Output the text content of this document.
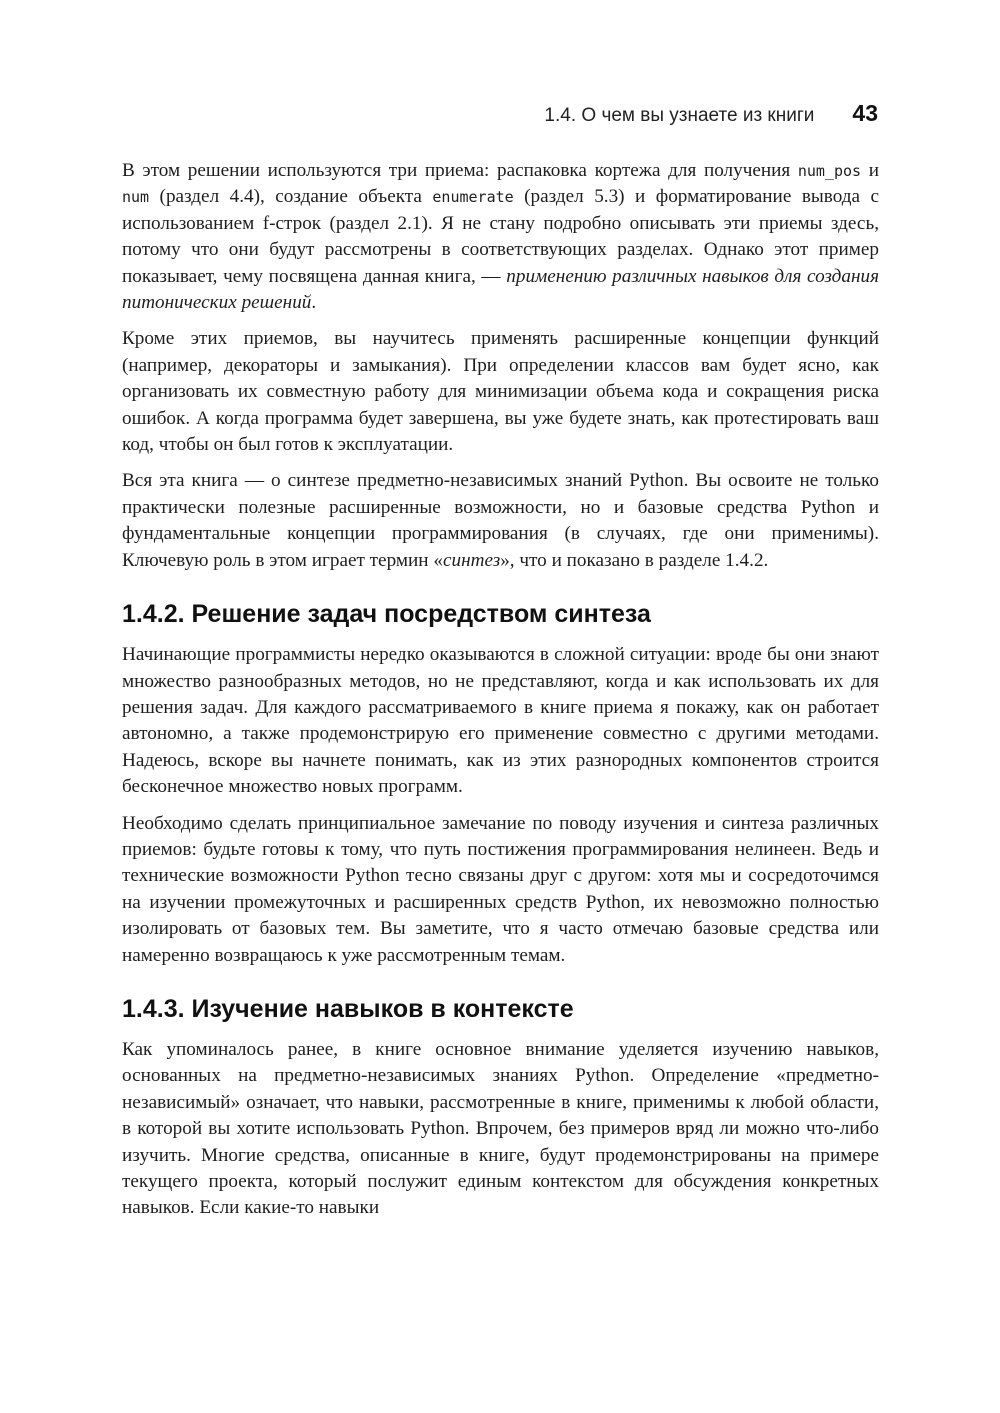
1.4. О чем вы узнаете из книги 43

В этом решении используются три приема: распаковка кортежа для получения num_pos и num (раздел 4.4), создание объекта enumerate (раздел 5.3) и форматирование вывода с использованием f-строк (раздел 2.1). Я не стану подробно описывать эти приемы здесь, потому что они будут рассмотрены в соответствующих разделах. Однако этот пример показывает, чему посвящена данная книга, — применению различных навыков для создания питонических решений.

Кроме этих приемов, вы научитесь применять расширенные концепции функций (например, декораторы и замыкания). При определении классов вам будет ясно, как организовать их совместную работу для минимизации объема кода и сокращения риска ошибок. А когда программа будет завершена, вы уже будете знать, как протестировать ваш код, чтобы он был готов к эксплуатации.

Вся эта книга — о синтезе предметно-независимых знаний Python. Вы освоите не только практически полезные расширенные возможности, но и базовые средства Python и фундаментальные концепции программирования (в случаях, где они применимы). Ключевую роль в этом играет термин «синтез», что и показано в разделе 1.4.2.

1.4.2. Решение задач посредством синтеза

Начинающие программисты нередко оказываются в сложной ситуации: вроде бы они знают множество разнообразных методов, но не представляют, когда и как использовать их для решения задач. Для каждого рассматриваемого в книге приема я покажу, как он работает автономно, а также продемонстрирую его применение совместно с другими методами. Надеюсь, вскоре вы начнете понимать, как из этих разнородных компонентов строится бесконечное множество новых программ.

Необходимо сделать принципиальное замечание по поводу изучения и синтеза различных приемов: будьте готовы к тому, что путь постижения программирования нелинеен. Ведь и технические возможности Python тесно связаны друг с другом: хотя мы и сосредоточимся на изучении промежуточных и расширенных средств Python, их невозможно полностью изолировать от базовых тем. Вы заметите, что я часто отмечаю базовые средства или намеренно возвращаюсь к уже рассмотренным темам.

1.4.3. Изучение навыков в контексте

Как упоминалось ранее, в книге основное внимание уделяется изучению навыков, основанных на предметно-независимых знаниях Python. Определение «предметно-независимый» означает, что навыки, рассмотренные в книге, применимы к любой области, в которой вы хотите использовать Python. Впрочем, без примеров вряд ли можно что-либо изучить. Многие средства, описанные в книге, будут продемонстрированы на примере текущего проекта, который послужит единым контекстом для обсуждения конкретных навыков. Если какие-то навыки
